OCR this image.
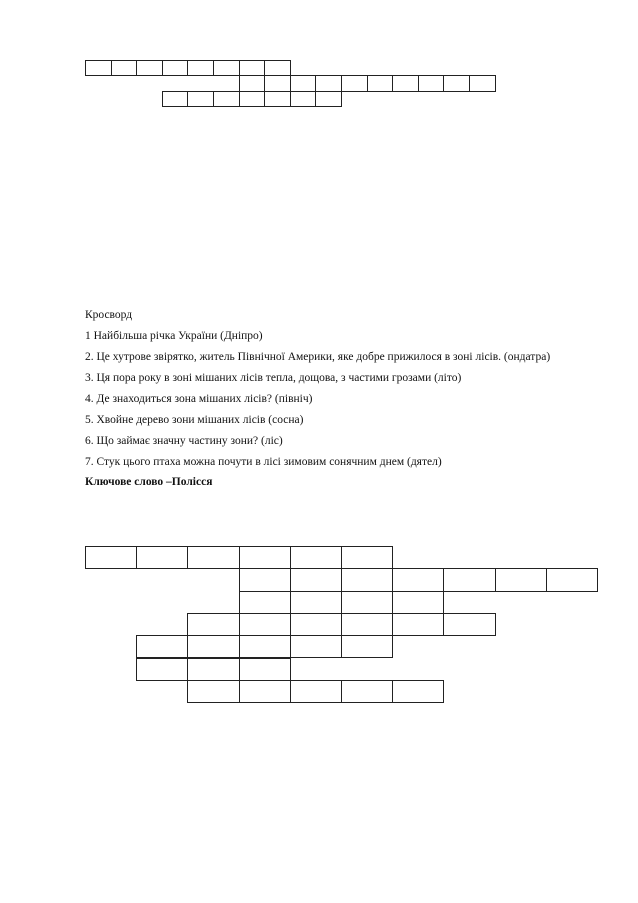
Кросворд
1 Найбільша річка України (Дніпро)
2. Це хутрове звірятко, житель Північної Америки, яке добре прижилося в зоні лісів. (ондатра)
3. Ця пора року в зоні мішаних лісів тепла, дощова, з частими грозами (літо)
4. Де знаходиться зона мішаних лісів? (північ)
5. Хвойне дерево зони мішаних лісів (сосна)
6. Що займає значну частину зони? (ліс)
7. Стук цього птаха можна почути в лісі зимовим сонячним днем (дятел)
Ключове слово –Полісся
